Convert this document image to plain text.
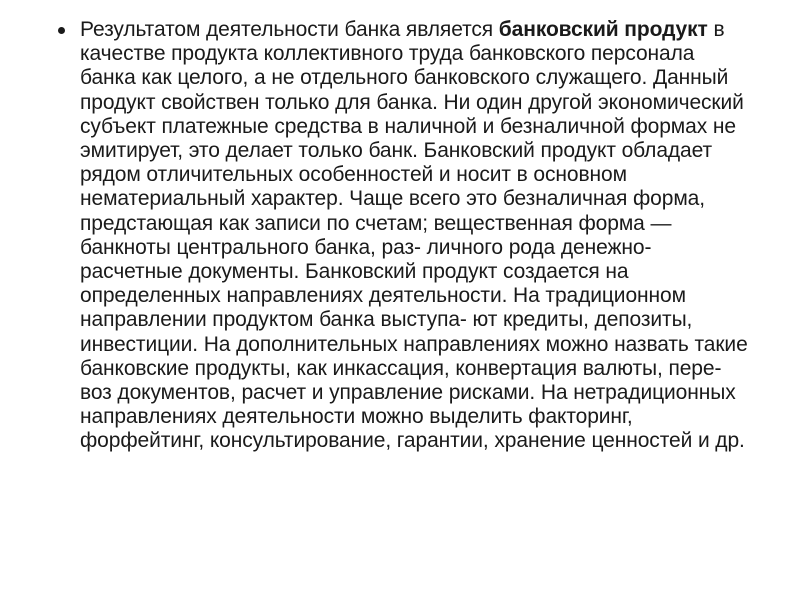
Результатом деятельности банка является банковский продукт в качестве продукта коллективного труда банковского персонала банка как целого, а не отдельного банковского служащего. Данный продукт свойствен только для банка. Ни один другой экономический субъект платежные средства в наличной и безналичной формах не эмитирует, это делает только банк. Банковский продукт обладает рядом отличительных особенностей и носит в основном нематериальный характер. Чаще всего это безналичная форма, предстающая как записи по счетам; вещественная форма — банкноты центрального банка, раз- личного рода денежно-расчетные документы. Банковский продукт создается на определенных направлениях деятельности. На традиционном направлении продуктом банка выступа- ют кредиты, депозиты, инвестиции. На дополнительных направлениях можно назвать такие банковские продукты, как инкассация, конвертация валюты, пере- воз документов, расчет и управление рисками. На нетрадиционных направлениях деятельности можно выделить факторинг, форфейтинг, консультирование, гарантии, хранение ценностей и др.
